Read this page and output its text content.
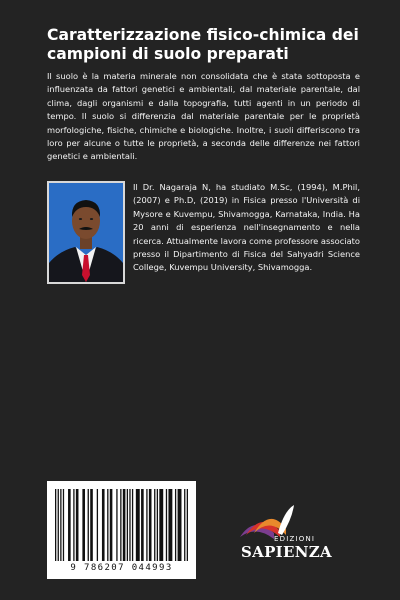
Caratterizzazione fisico-chimica dei campioni di suolo preparati

Il suolo è la materia minerale non consolidata che è stata sottoposta e influenzata da fattori genetici e ambientali, dal materiale parentale, dal clima, dagli organismi e dalla topografia, tutti agenti in un periodo di tempo. Il suolo si differenzia dal materiale parentale per le proprietà morfologiche, fisiche, chimiche e biologiche. Inoltre, i suoli differiscono tra loro per alcune o tutte le proprietà, a seconda delle differenze nei fattori genetici e ambientali.

Il Dr. Nagaraja N, ha studiato M.Sc, (1994), M.Phil, (2007) e Ph.D, (2019) in Fisica presso l'Università di Mysore e Kuvempu, Shivamogga, Karnataka, India. Ha 20 anni di esperienza nell'insegnamento e nella ricerca. Attualmente lavora come professore associato presso il Dipartimento di Fisica del Sahyadri Science College, Kuvempu University, Shivamogga.

9 786207 044993
EDIZIONI
SAPIENZA
